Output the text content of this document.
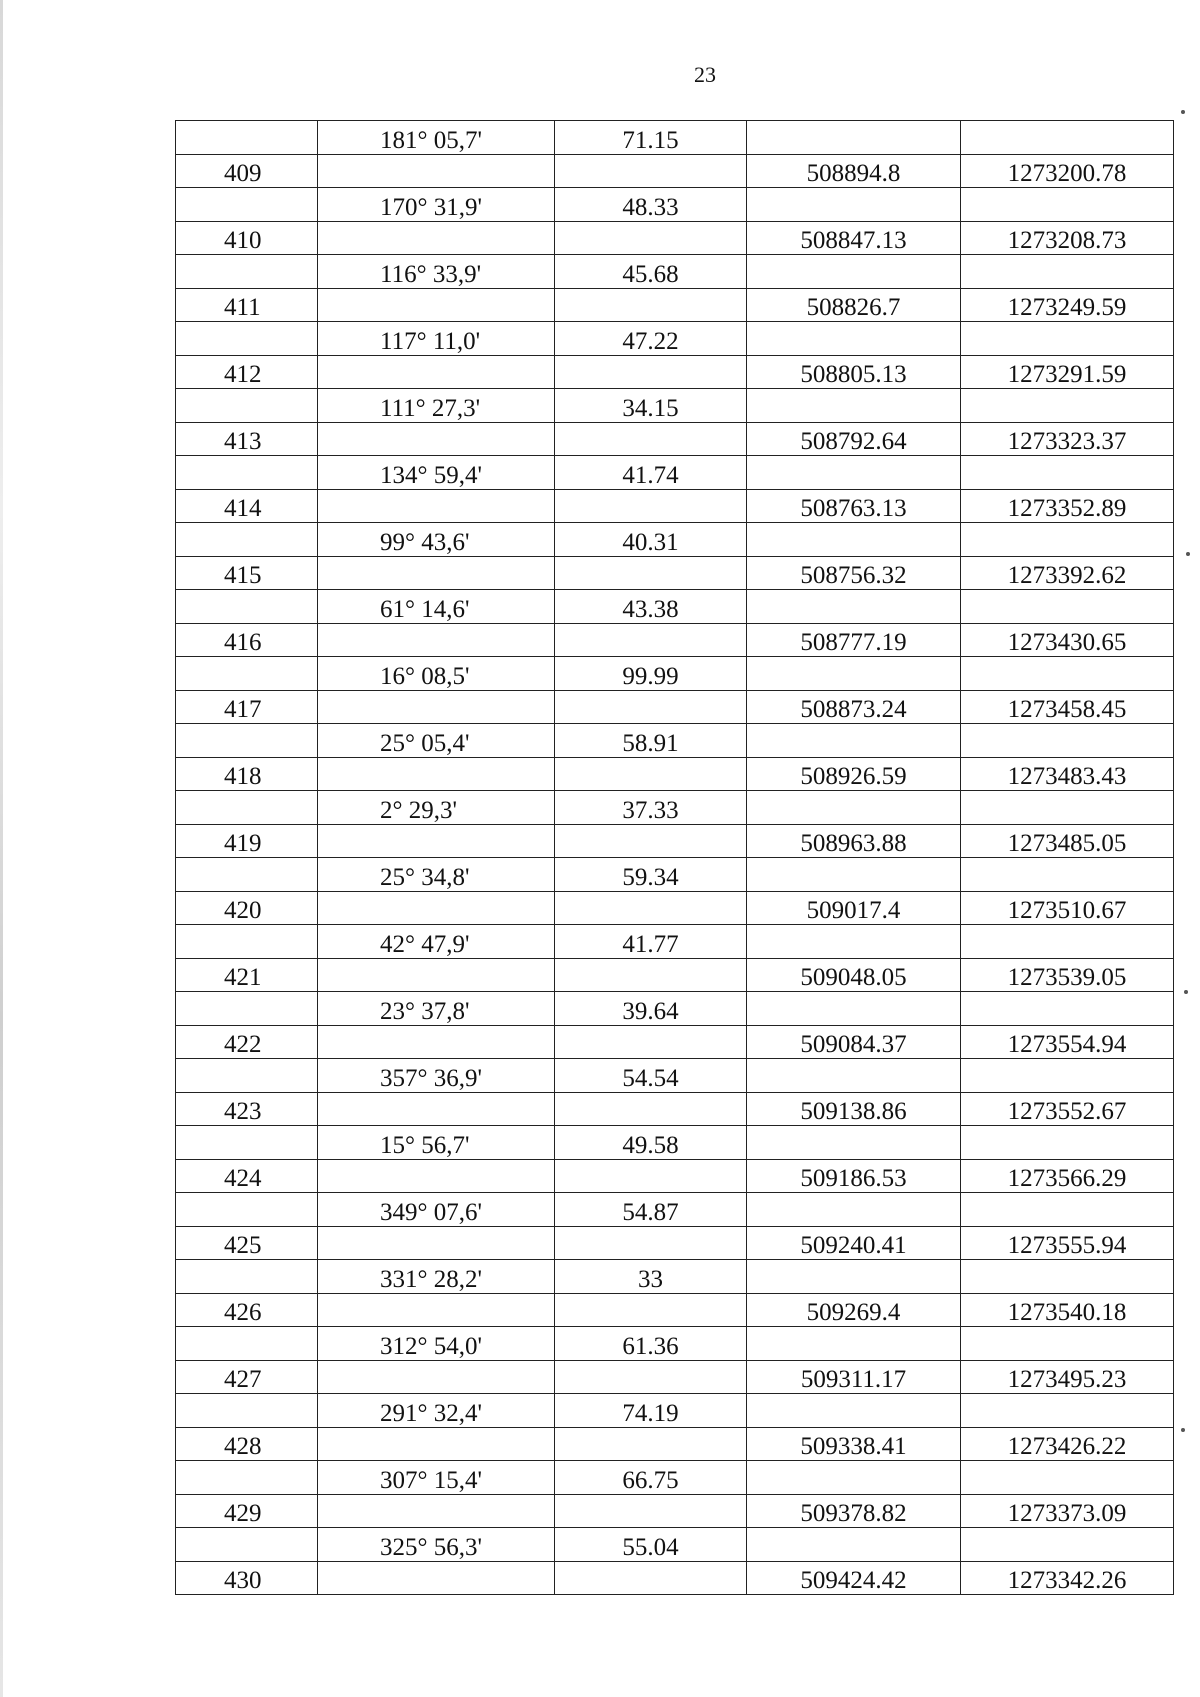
23
	181° 05,7'	71.15		
409			508894.8	1273200.78
	170° 31,9'	48.33		
410			508847.13	1273208.73
	116° 33,9'	45.68		
411			508826.7	1273249.59
	117° 11,0'	47.22		
412			508805.13	1273291.59
	111° 27,3'	34.15		
413			508792.64	1273323.37
	134° 59,4'	41.74		
414			508763.13	1273352.89
	99° 43,6'	40.31		
415			508756.32	1273392.62
	61° 14,6'	43.38		
416			508777.19	1273430.65
	16° 08,5'	99.99		
417			508873.24	1273458.45
	25° 05,4'	58.91		
418			508926.59	1273483.43
	2° 29,3'	37.33		
419			508963.88	1273485.05
	25° 34,8'	59.34		
420			509017.4	1273510.67
	42° 47,9'	41.77		
421			509048.05	1273539.05
	23° 37,8'	39.64		
422			509084.37	1273554.94
	357° 36,9'	54.54		
423			509138.86	1273552.67
	15° 56,7'	49.58		
424			509186.53	1273566.29
	349° 07,6'	54.87		
425			509240.41	1273555.94
	331° 28,2'	33		
426			509269.4	1273540.18
	312° 54,0'	61.36		
427			509311.17	1273495.23
	291° 32,4'	74.19		
428			509338.41	1273426.22
	307° 15,4'	66.75		
429			509378.82	1273373.09
	325° 56,3'	55.04		
430			509424.42	1273342.26
